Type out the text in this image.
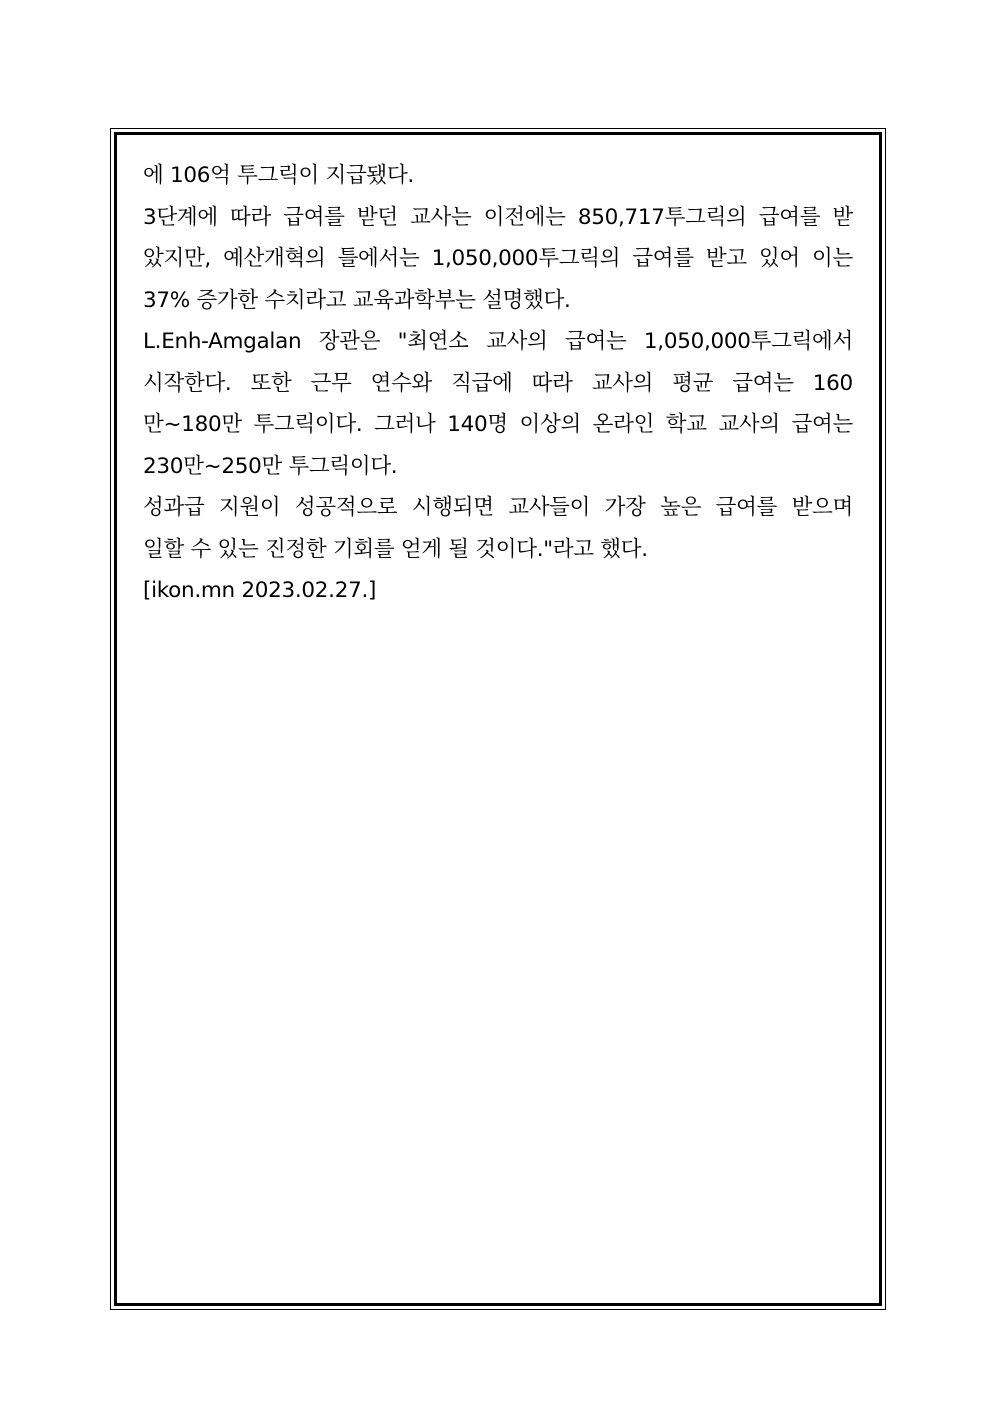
에 106억 투그릭이 지급됐다.
3단계에 따라 급여를 받던 교사는 이전에는 850,717투그릭의 급여를 받
았지만, 예산개혁의 틀에서는 1,050,000투그릭의 급여를 받고 있어 이는
37% 증가한 수치라고 교육과학부는 설명했다.
L.Enh-Amgalan 장관은 "최연소 교사의 급여는 1,050,000투그릭에서
시작한다. 또한 근무 연수와 직급에 따라 교사의 평균 급여는 160
만~180만 투그릭이다. 그러나 140명 이상의 온라인 학교 교사의 급여는
230만~250만 투그릭이다.
성과급 지원이 성공적으로 시행되면 교사들이 가장 높은 급여를 받으며
일할 수 있는 진정한 기회를 얻게 될 것이다."라고 했다.
[ikon.mn 2023.02.27.]
